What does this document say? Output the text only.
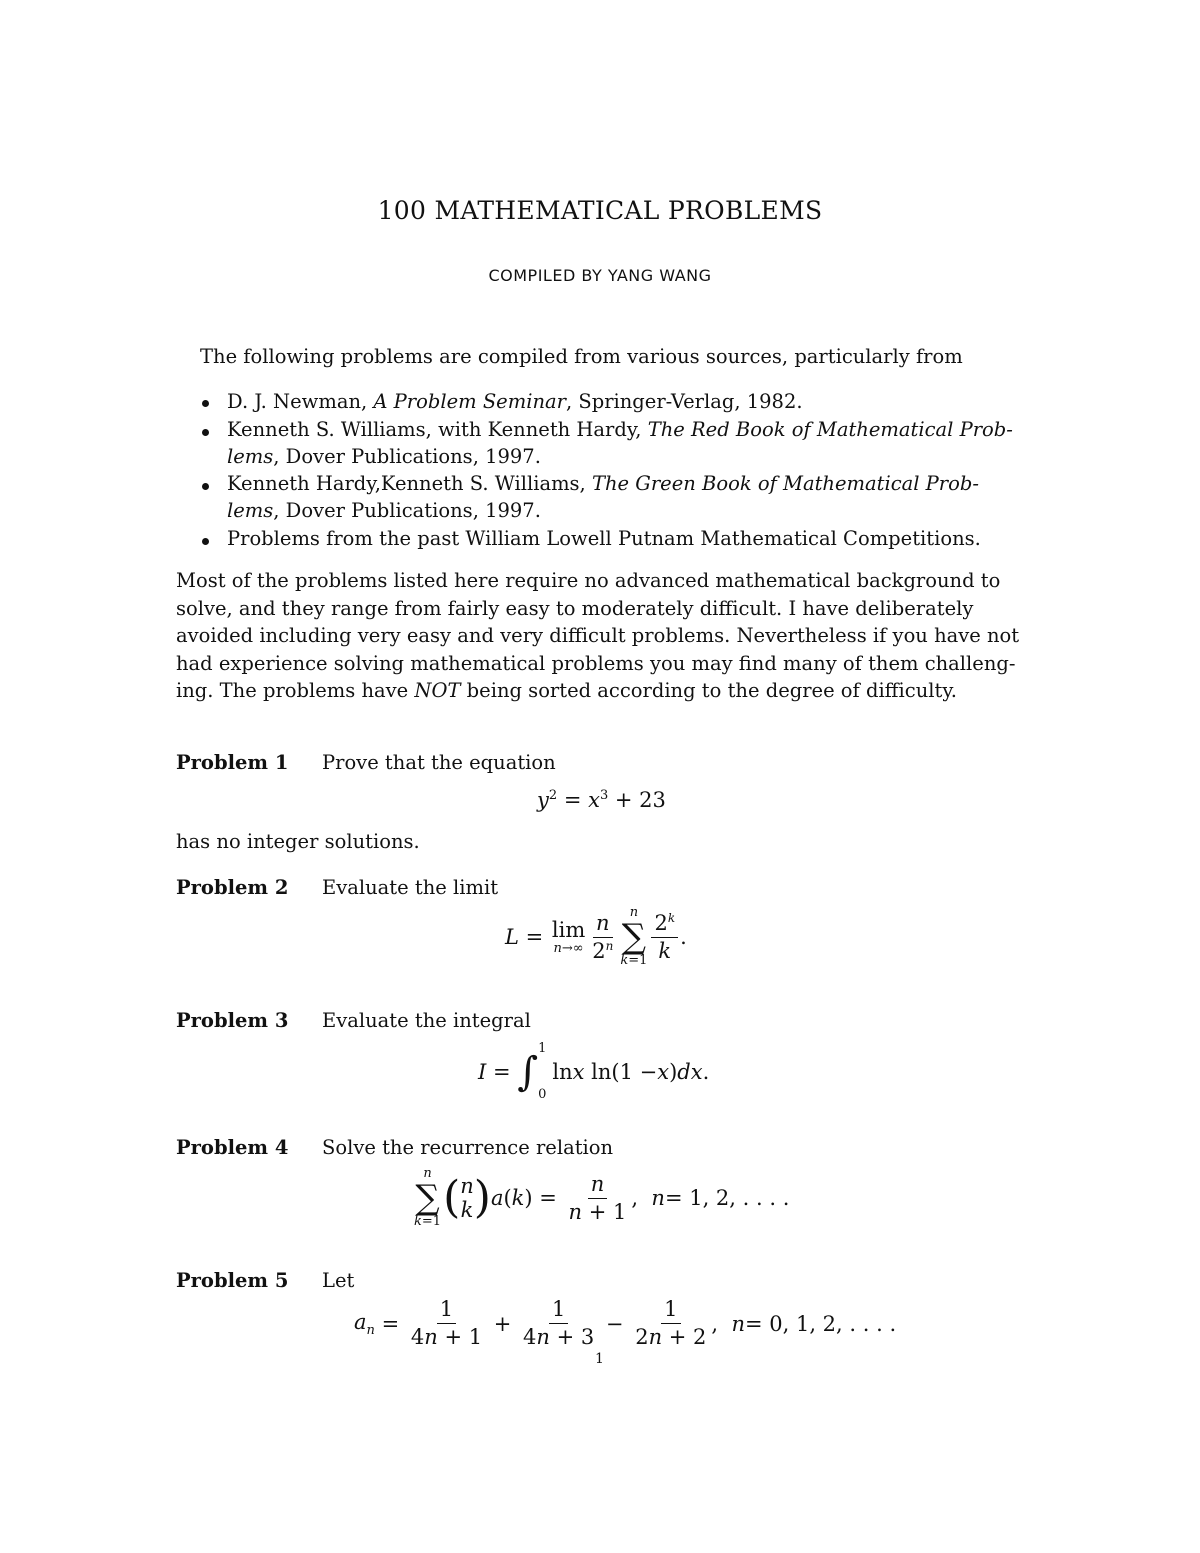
100 MATHEMATICAL PROBLEMS
COMPILED BY YANG WANG
The following problems are compiled from various sources, particularly from
D. J. Newman, A Problem Seminar, Springer-Verlag, 1982.
Kenneth S. Williams, with Kenneth Hardy, The Red Book of Mathematical Prob-
lems, Dover Publications, 1997.
Kenneth Hardy,Kenneth S. Williams, The Green Book of Mathematical Prob-
lems, Dover Publications, 1997.
Problems from the past William Lowell Putnam Mathematical Competitions.
Most of the problems listed here require no advanced mathematical background to
solve, and they range from fairly easy to moderately difficult. I have deliberately
avoided including very easy and very difficult problems. Nevertheless if you have not
had experience solving mathematical problems you may find many of them challeng-
ing. The problems have NOT being sorted according to the degree of difficulty.
Problem 1 Prove that the equation
$y^2 = x^3 + 23$
has no integer solutions.
Problem 2 Evaluate the limit
L = lim
$n\to\infty \frac{n}{2^n}$ n
∑
$k=1 \frac{2^k}{k}$ .
Problem 3 Evaluate the integral
I = ∫
1
0
ln x ln(1 − x ) dx .
Problem 4 Solve the recurrence relation
n
∑
k=1 ( n
k ) a ( k ) = $\frac{n}{n + 1}$ , n = 1, 2, . . . .
Problem 5 Let
$a_n = \frac{1}{4n + 1} + \frac{1}{4n + 3} - \frac{1}{2n + 2}$ , n = 0, 1, 2, . . . .
1
